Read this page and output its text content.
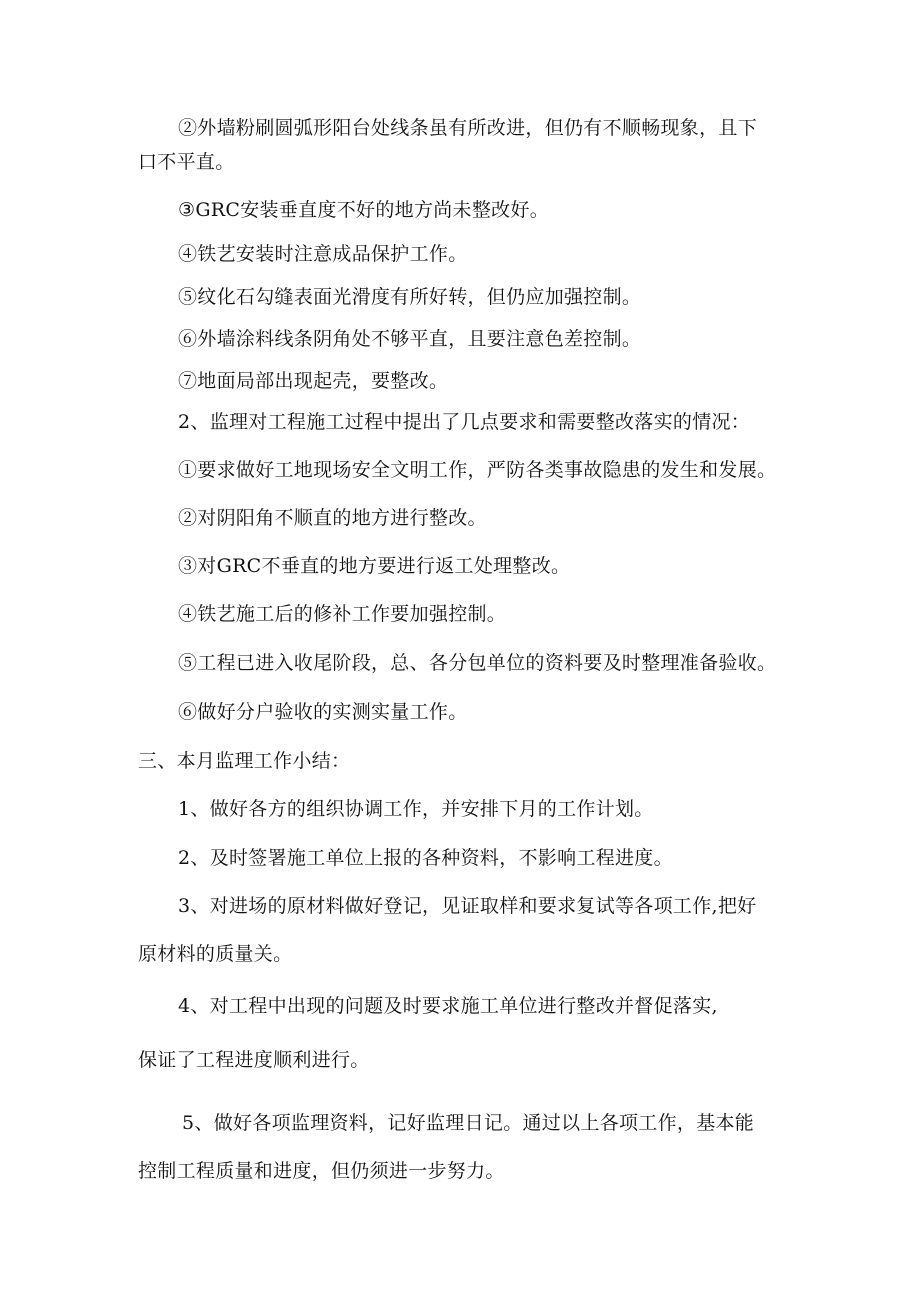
②外墙粉刷圆弧形阳台处线条虽有所改进，但仍有不顺畅现象，且下
口不平直。
③GRC安装垂直度不好的地方尚未整改好。
④铁艺安装时注意成品保护工作。
⑤纹化石勾缝表面光滑度有所好转，但仍应加强控制。
⑥外墙涂料线条阴角处不够平直，且要注意色差控制。
⑦地面局部出现起壳，要整改。
2、监理对工程施工过程中提出了几点要求和需要整改落实的情况：
①要求做好工地现场安全文明工作，严防各类事故隐患的发生和发展。
②对阴阳角不顺直的地方进行整改。
③对GRC不垂直的地方要进行返工处理整改。
④铁艺施工后的修补工作要加强控制。
⑤工程已进入收尾阶段，总、各分包单位的资料要及时整理准备验收。
⑥做好分户验收的实测实量工作。
三、本月监理工作小结：
1、做好各方的组织协调工作，并安排下月的工作计划。
2、及时签署施工单位上报的各种资料，不影响工程进度。
3、对进场的原材料做好登记，见证取样和要求复试等各项工作,把好
原材料的质量关。
4、对工程中出现的问题及时要求施工单位进行整改并督促落实,
保证了工程进度顺利进行。
5、做好各项监理资料，记好监理日记。通过以上各项工作，基本能
控制工程质量和进度，但仍须进一步努力。
